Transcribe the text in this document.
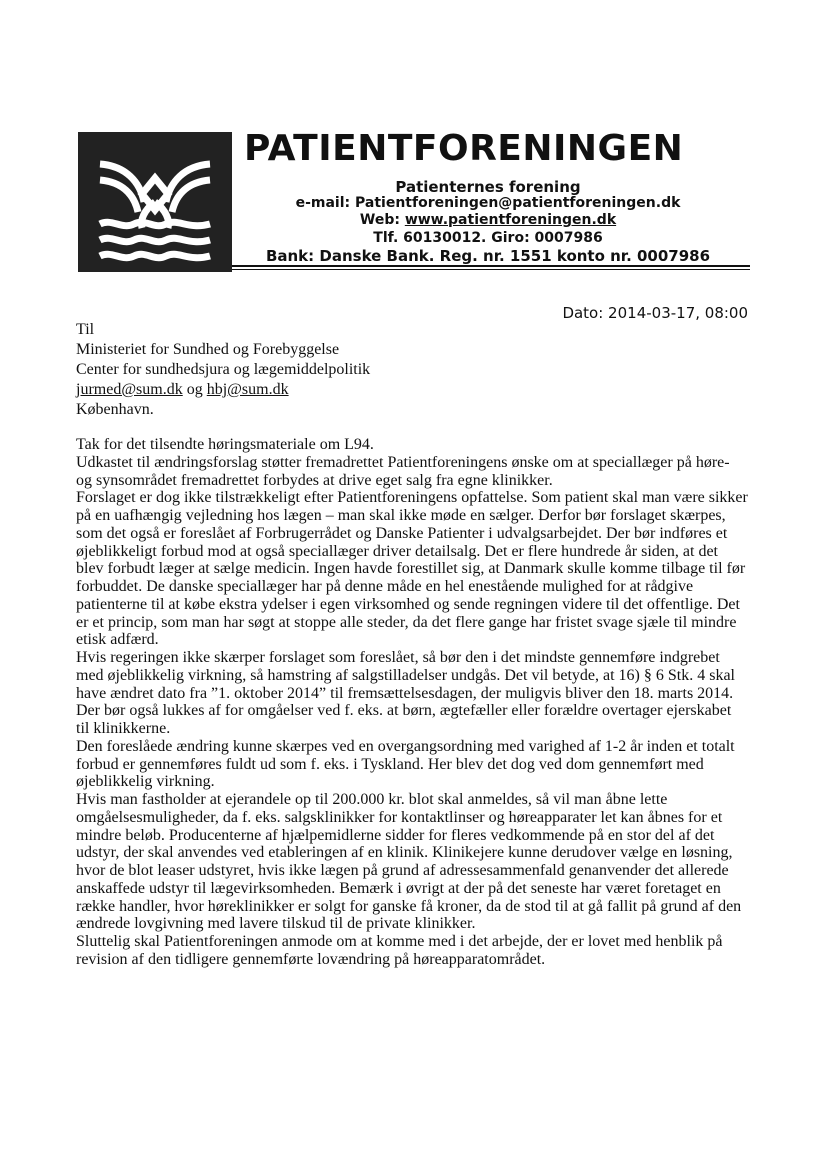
PATIENTFORENINGEN
Patienternes forening
e-mail: Patientforeningen@patientforeningen.dk
Web: www.patientforeningen.dk
Tlf. 60130012. Giro: 0007986
Bank: Danske Bank. Reg. nr. 1551 konto nr. 0007986
Dato: 2014-03-17, 08:00
Til
Ministeriet for Sundhed og Forebyggelse
Center for sundhedsjura og lægemiddelpolitik
jurmed@sum.dk og hbj@sum.dk
København.

Tak for det tilsendte høringsmateriale om L94.

Udkastet til ændringsforslag støtter fremadrettet Patientforeningens ønske om at speciallæger på høre- og synsområdet fremadrettet forbydes at drive eget salg fra egne klinikker.

Forslaget er dog ikke tilstrækkeligt efter Patientforeningens opfattelse. Som patient skal man være sikker på en uafhængig vejledning hos lægen – man skal ikke møde en sælger. Derfor bør forslaget skærpes, som det også er foreslået af Forbrugerrådet og Danske Patienter i udvalgsarbejdet. Der bør indføres et øjeblikkeligt forbud mod at også speciallæger driver detailsalg. Det er flere hundrede år siden, at det blev forbudt læger at sælge medicin. Ingen havde forestillet sig, at Danmark skulle komme tilbage til før forbuddet. De danske speciallæger har på denne måde en hel enestående mulighed for at rådgive patienterne til at købe ekstra ydelser i egen virksomhed og sende regningen videre til det offentlige. Det er et princip, som man har søgt at stoppe alle steder, da det flere gange har fristet svage sjæle til mindre etisk adfærd.

Hvis regeringen ikke skærper forslaget som foreslået, så bør den i det mindste gennemføre indgrebet med øjeblikkelig virkning, så hamstring af salgstilladelser undgås. Det vil betyde, at 16) § 6 Stk. 4 skal have ændret dato fra ”1. oktober 2014” til fremsættelsesdagen, der muligvis bliver den 18. marts 2014.

Der bør også lukkes af for omgåelser ved f. eks. at børn, ægtefæller eller forældre overtager ejerskabet til klinikkerne.

Den foreslåede ændring kunne skærpes ved en overgangsordning med varighed af 1-2 år inden et totalt forbud er gennemføres fuldt ud som f. eks. i Tyskland. Her blev det dog ved dom gennemført med øjeblikkelig virkning.

Hvis man fastholder at ejerandele op til 200.000 kr. blot skal anmeldes, så vil man åbne lette omgåelsesmuligheder, da f. eks. salgsklinikker for kontaktlinser og høreapparater let kan åbnes for et mindre beløb. Producenterne af hjælpemidlerne sidder for fleres vedkommende på en stor del af det udstyr, der skal anvendes ved etableringen af en klinik. Klinikejere kunne derudover vælge en løsning, hvor de blot leaser udstyret, hvis ikke lægen på grund af adressesammenfald genanvender det allerede anskaffede udstyr til lægevirksomheden. Bemærk i øvrigt at der på det seneste har været foretaget en række handler, hvor høreklinikker er solgt for ganske få kroner, da de stod til at gå fallit på grund af den ændrede lovgivning med lavere tilskud til de private klinikker.

Sluttelig skal Patientforeningen anmode om at komme med i det arbejde, der er lovet med henblik på revision af den tidligere gennemførte lovændring på høreapparatområdet.
